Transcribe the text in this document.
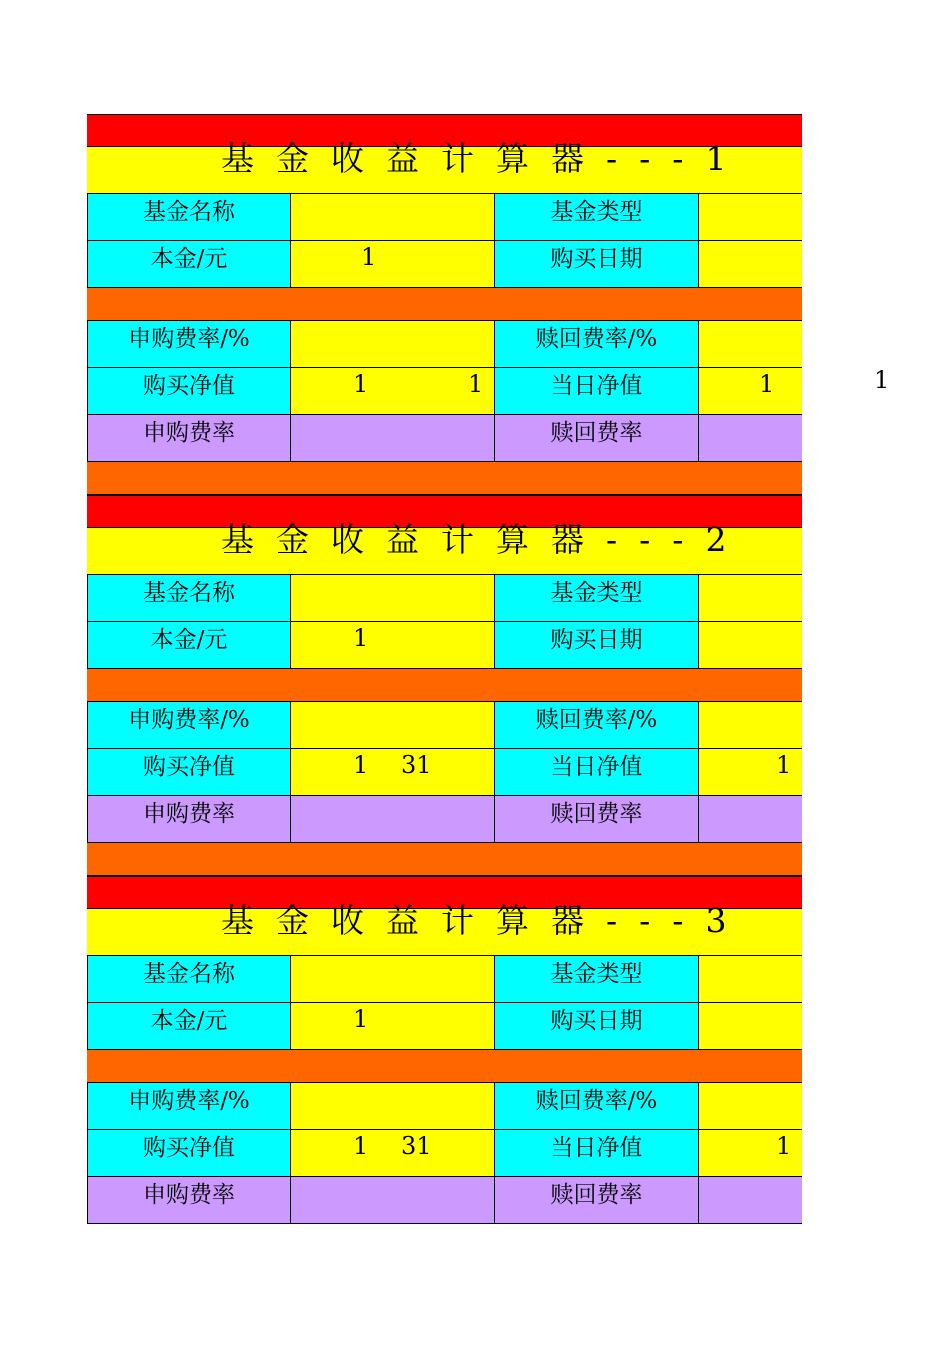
基金收益计算器---1
基金名称	基金类型
本金/元	1	购买日期
申购费率/%	赎回费率/%
购买净值	1	1	当日净值	1
申购费率	赎回费率
基金收益计算器---2
基金名称	基金类型
本金/元	1	购买日期
申购费率/%	赎回费率/%
购买净值	1 31	当日净值	1
申购费率	赎回费率
基金收益计算器---3
基金名称	基金类型
本金/元	1	购买日期
申购费率/%	赎回费率/%
购买净值	1 31	当日净值	1
申购费率	赎回费率
1
